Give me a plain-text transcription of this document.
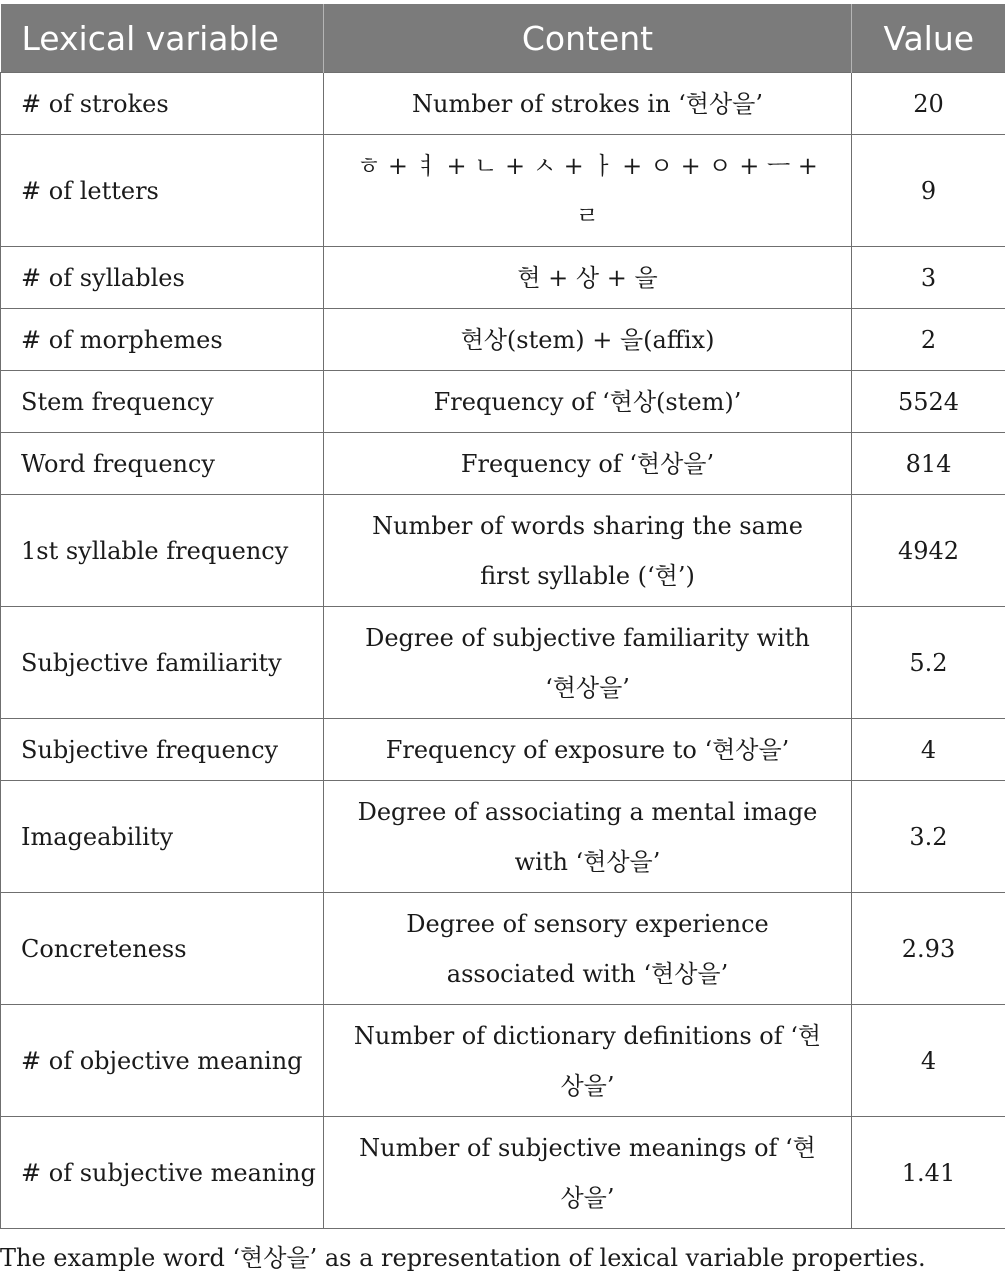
Lexical variable	Content	Value
# of strokes	Number of strokes in ‘현상을’	20
# of letters	ㅎ + ㅕ + ㄴ + ㅅ + ㅏ + ㅇ + ㅇ + ㅡ + ㄹ	9
# of syllables	현 + 상 + 을	3
# of morphemes	현상(stem) + 을(affix)	2
Stem frequency	Frequency of ‘현상(stem)’	5524
Word frequency	Frequency of ‘현상을’	814
1st syllable frequency	Number of words sharing the same first syllable (‘현’)	4942
Subjective familiarity	Degree of subjective familiarity with ‘현상을’	5.2
Subjective frequency	Frequency of exposure to ‘현상을’	4
Imageability	Degree of associating a mental image with ‘현상을’	3.2
Concreteness	Degree of sensory experience associated with ‘현상을’	2.93
# of objective meaning	Number of dictionary definitions of ‘현상을’	4
# of subjective meaning	Number of subjective meanings of ‘현상을’	1.41
The example word ‘현상을’ as a representation of lexical variable properties.
